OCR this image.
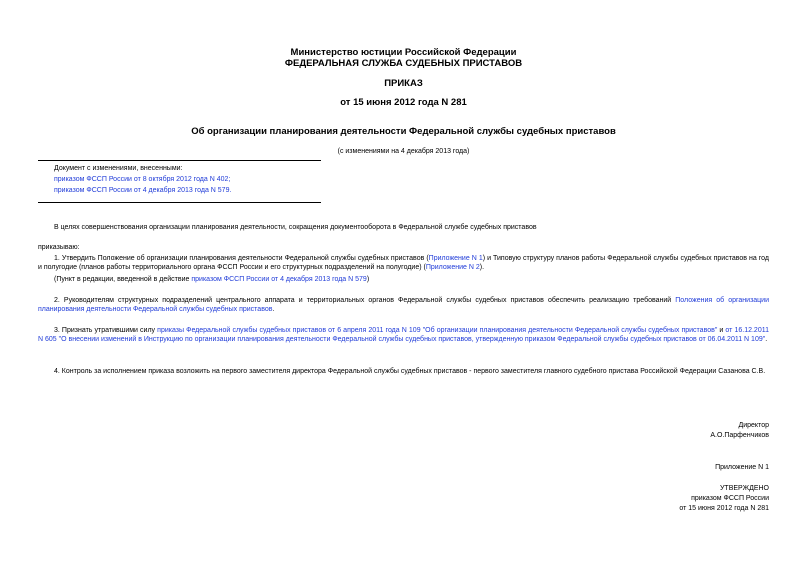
Министерство юстиции Российской Федерации
ФЕДЕРАЛЬНАЯ СЛУЖБА СУДЕБНЫХ ПРИСТАВОВ
ПРИКАЗ
от 15 июня 2012 года N 281
Об организации планирования деятельности Федеральной службы судебных приставов
(с изменениями на 4 декабря 2013 года)
Документ с изменениями, внесенными:
приказом ФССП России от 8 октября 2012 года N 402;
приказом ФССП России от 4 декабря 2013 года N 579.
В целях совершенствования организации планирования деятельности, сокращения документооборота в Федеральной службе судебных приставов
приказываю:
1. Утвердить Положение об организации планирования деятельности Федеральной службы судебных приставов (Приложение N 1) и Типовую структуру планов работы Федеральной службы судебных приставов на год и полугодие (планов работы территориального органа ФССП России и его структурных подразделений на полугодие) (Приложение N 2).
(Пункт в редакции, введенной в действие приказом ФССП России от 4 декабря 2013 года N 579)
2. Руководителям структурных подразделений центрального аппарата и территориальных органов Федеральной службы судебных приставов обеспечить реализацию требований Положения об организации планирования деятельности Федеральной службы судебных приставов.
3. Признать утратившими силу приказы Федеральной службы судебных приставов от 6 апреля 2011 года N 109 "Об организации планирования деятельности Федеральной службы судебных приставов" и от 16.12.2011 N 605 "О внесении изменений в Инструкцию по организации планирования деятельности Федеральной службы судебных приставов, утвержденную приказом Федеральной службы судебных приставов от 06.04.2011 N 109".
4. Контроль за исполнением приказа возложить на первого заместителя директора Федеральной службы судебных приставов - первого заместителя главного судебного пристава Российской Федерации Сазанова С.В.
Директор
А.О.Парфенчиков
Приложение N 1
УТВЕРЖДЕНО
приказом ФССП России
от 15 июня 2012 года N 281
